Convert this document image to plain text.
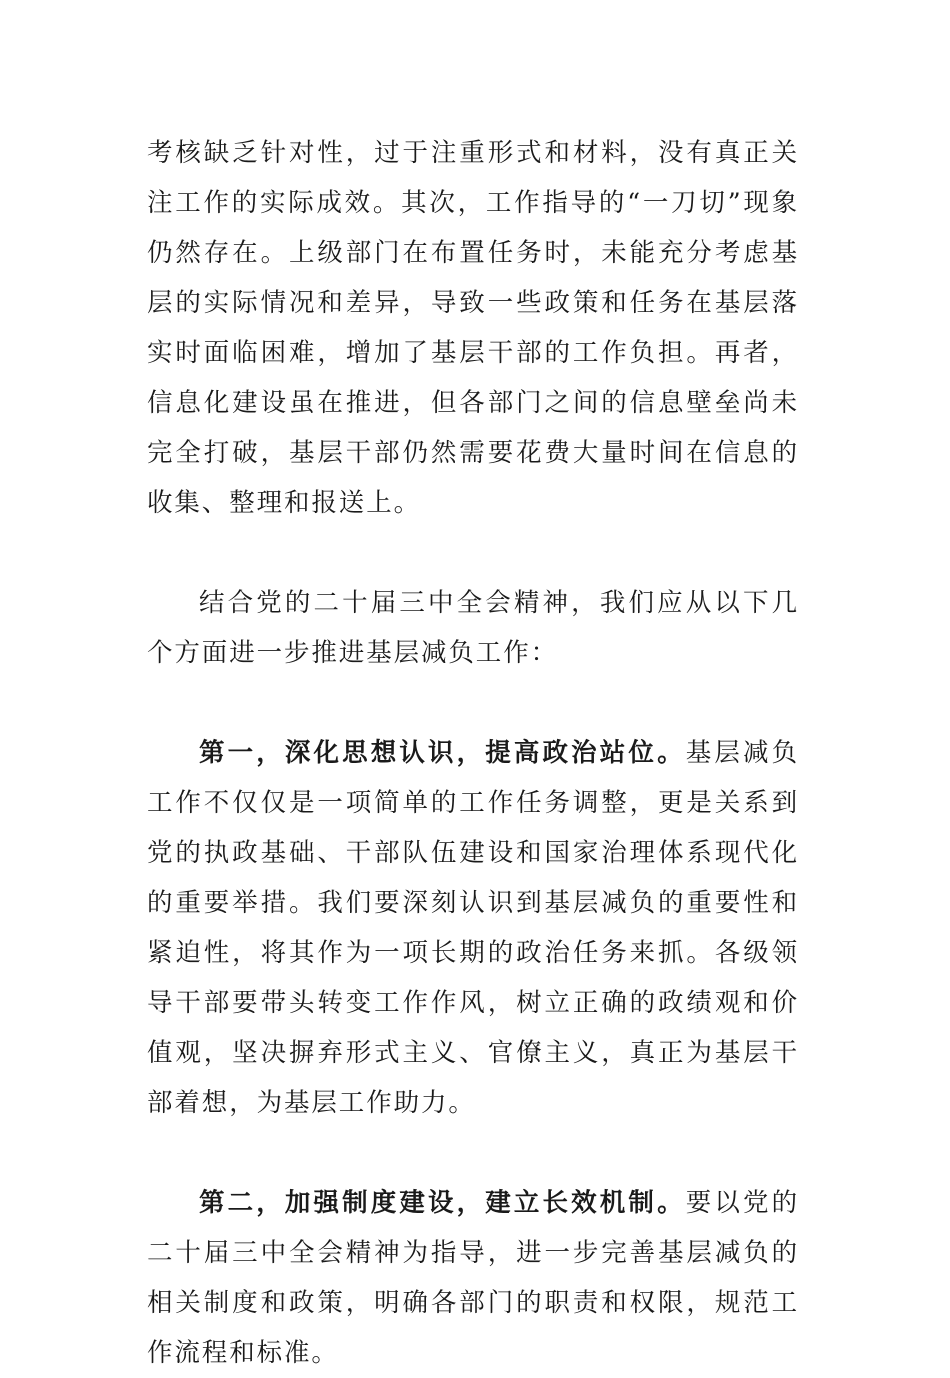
考核缺乏针对性，过于注重形式和材料，没有真正关注工作的实际成效。其次，工作指导的“一刀切”现象仍然存在。上级部门在布置任务时，未能充分考虑基层的实际情况和差异，导致一些政策和任务在基层落实时面临困难，增加了基层干部的工作负担。再者，信息化建设虽在推进，但各部门之间的信息壁垒尚未完全打破，基层干部仍然需要花费大量时间在信息的收集、整理和报送上。

结合党的二十届三中全会精神，我们应从以下几个方面进一步推进基层减负工作：

第一，深化思想认识，提高政治站位。基层减负工作不仅仅是一项简单的工作任务调整，更是关系到党的执政基础、干部队伍建设和国家治理体系现代化的重要举措。我们要深刻认识到基层减负的重要性和紧迫性，将其作为一项长期的政治任务来抓。各级领导干部要带头转变工作作风，树立正确的政绩观和价值观，坚决摒弃形式主义、官僚主义，真正为基层干部着想，为基层工作助力。

第二，加强制度建设，建立长效机制。要以党的二十届三中全会精神为指导，进一步完善基层减负的相关制度和政策，明确各部门的职责和权限，规范工作流程和标准。
